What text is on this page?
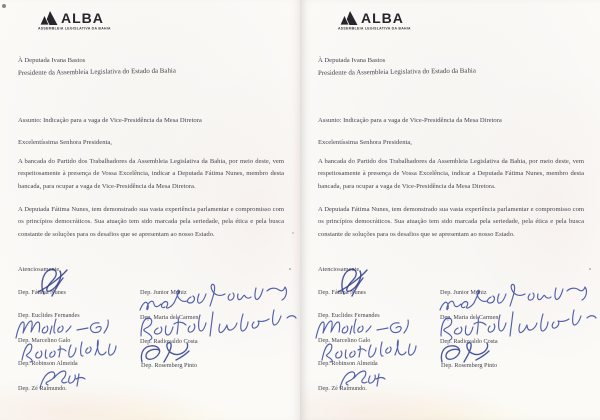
ALBA
ASSEMBLEIA LEGISLATIVA DA BAHIA
À Deputada Ivana Bastos
Presidente da Assembleia Legislativa do Estado da Bahia
Assunto: Indicação para a vaga de Vice-Presidência da Mesa Diretora
Excelentíssima Senhora Presidenta,

A bancada do Partido dos Trabalhadores da Assembleia Legislativa da Bahia, por meio deste, vem respeitosamente à presença de Vossa Excelência, indicar a Deputada Fátima Nunes, membro desta bancada, para ocupar a vaga de Vice-Presidência da Mesa Diretora.

A Deputada Fátima Nunes, tem demonstrado sua vasta experiência parlamentar e compromisso com os princípios democráticos. Sua atuação tem sido marcada pela seriedade, pela ética e pela busca constante de soluções para os desafios que se apresentam ao nosso Estado.

Atenciosamente,
Dep. Fátima Nunes
Dep. Euclides Fernandes
Dep. Marcelino Galo
Dep. Robinson Almeida
Dep. Zé Raimundo.
Dep. Junior Muniz
Dep. Maria del Carmen
Dep. Radiovaldo Costa
Dep. Rosemberg Pinto
ALBA
ASSEMBLEIA LEGISLATIVA DA BAHIA
À Deputada Ivana Bastos
Presidente da Assembleia Legislativa do Estado da Bahia
Assunto: Indicação para a vaga de Vice-Presidência da Mesa Diretora
Excelentíssima Senhora Presidenta,

A bancada do Partido dos Trabalhadores da Assembleia Legislativa da Bahia, por meio deste, vem respeitosamente à presença de Vossa Excelência, indicar a Deputada Fátima Nunes, membro desta bancada, para ocupar a vaga de Vice-Presidência da Mesa Diretora.

A Deputada Fátima Nunes, tem demonstrado sua vasta experiência parlamentar e compromisso com os princípios democráticos. Sua atuação tem sido marcada pela seriedade, pela ética e pela busca constante de soluções para os desafios que se apresentam ao nosso Estado.

Atenciosamente,
Dep. Fátima Nunes
Dep. Euclides Fernandes
Dep. Marcelino Galo
Dep. Robinson Almeida
Dep. Zé Raimundo.
Dep. Junior Muniz
Dep. Maria del Carmen
Dep. Radiovaldo Costa
Dep. Rosemberg Pinto
